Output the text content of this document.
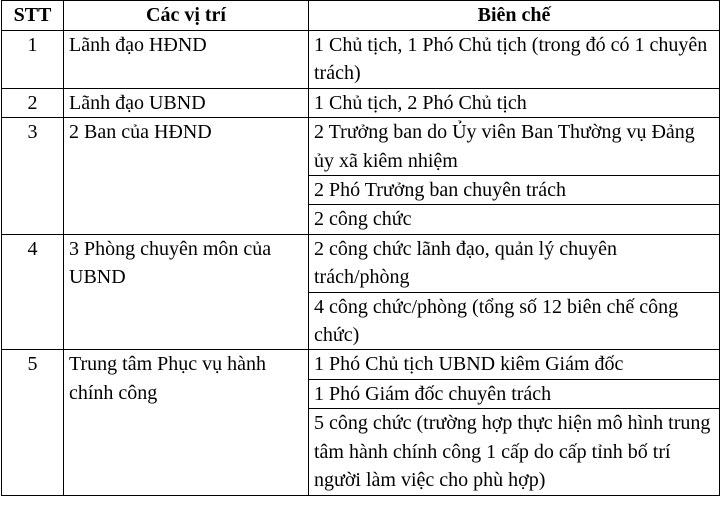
STT	Các vị trí	Biên chế
1	Lãnh đạo HĐND	1 Chủ tịch, 1 Phó Chủ tịch (trong đó có 1 chuyên trách)
2	Lãnh đạo UBND	1 Chủ tịch, 2 Phó Chủ tịch
3	2 Ban của HĐND	2 Trưởng ban do Ủy viên Ban Thường vụ Đảng ủy xã kiêm nhiệm
		2 Phó Trưởng ban chuyên trách
		2 công chức
4	3 Phòng chuyên môn của UBND	2 công chức lãnh đạo, quản lý chuyên trách/phòng
		4 công chức/phòng (tổng số 12 biên chế công chức)
5	Trung tâm Phục vụ hành chính công	1 Phó Chủ tịch UBND kiêm Giám đốc
		1 Phó Giám đốc chuyên trách
		5 công chức (trường hợp thực hiện mô hình trung tâm hành chính công 1 cấp do cấp tỉnh bố trí người làm việc cho phù hợp)
